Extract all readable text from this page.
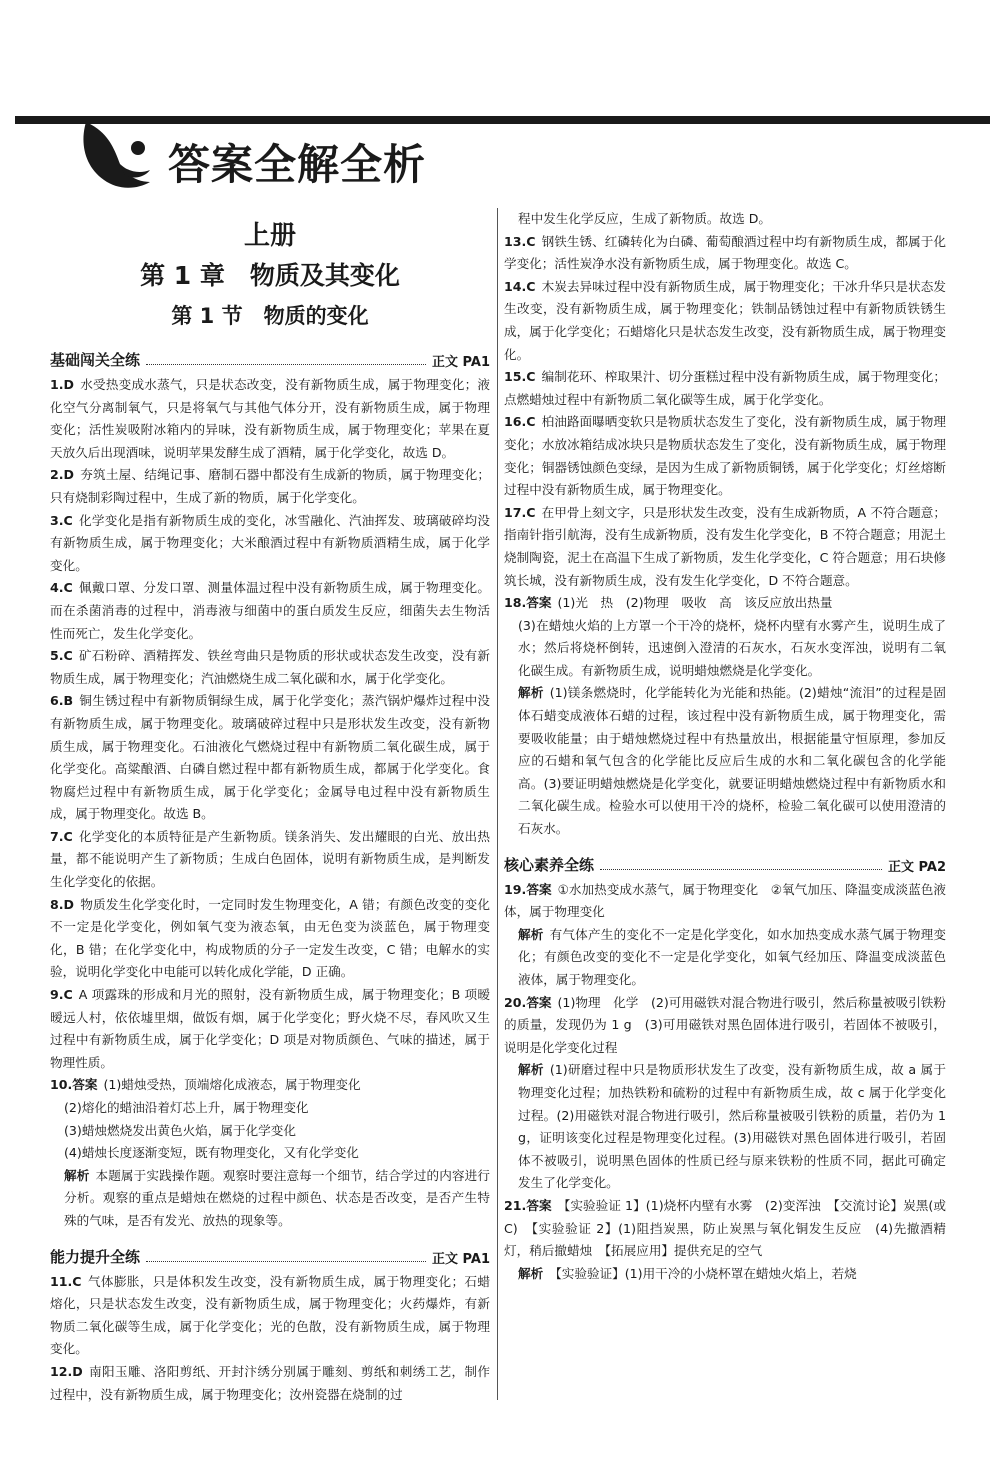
答案全解全析
上册
第 1 章　物质及其变化
第 1 节　物质的变化
基础闯关全练	正文 PA1

1.D 水受热变成水蒸气，只是状态改变，没有新物质生成，属于物理变化；液化空气分离制氧气，只是将氧气与其他气体分开，没有新物质生成，属于物理变化；活性炭吸附冰箱内的异味，没有新物质生成，属于物理变化；苹果在夏天放久后出现酒味，说明苹果发酵生成了酒精，属于化学变化，故选 D。

2.D 夯筑土屋、结绳记事、磨制石器中都没有生成新的物质，属于物理变化；只有烧制彩陶过程中，生成了新的物质，属于化学变化。

3.C 化学变化是指有新物质生成的变化，冰雪融化、汽油挥发、玻璃破碎均没有新物质生成，属于物理变化；大米酿酒过程中有新物质酒精生成，属于化学变化。

4.C 佩戴口罩、分发口罩、测量体温过程中没有新物质生成，属于物理变化。而在杀菌消毒的过程中，消毒液与细菌中的蛋白质发生反应，细菌失去生物活性而死亡，发生化学变化。

5.C 矿石粉碎、酒精挥发、铁丝弯曲只是物质的形状或状态发生改变，没有新物质生成，属于物理变化；汽油燃烧生成二氧化碳和水，属于化学变化。

6.B 铜生锈过程中有新物质铜绿生成，属于化学变化；蒸汽锅炉爆炸过程中没有新物质生成，属于物理变化。玻璃破碎过程中只是形状发生改变，没有新物质生成，属于物理变化。石油液化气燃烧过程中有新物质二氧化碳生成，属于化学变化。高粱酿酒、白磷自燃过程中都有新物质生成，都属于化学变化。食物腐烂过程中有新物质生成，属于化学变化；金属导电过程中没有新物质生成，属于物理变化。故选 B。

7.C 化学变化的本质特征是产生新物质。镁条消失、发出耀眼的白光、放出热量，都不能说明产生了新物质；生成白色固体，说明有新物质生成，是判断发生化学变化的依据。

8.D 物质发生化学变化时，一定同时发生物理变化，A 错；有颜色改变的变化不一定是化学变化，例如氧气变为液态氧，由无色变为淡蓝色，属于物理变化，B 错；在化学变化中，构成物质的分子一定发生改变，C 错；电解水的实验，说明化学变化中电能可以转化成化学能，D 正确。

9.C A 项露珠的形成和月光的照射，没有新物质生成，属于物理变化；B 项暧暧远人村，依依墟里烟，做饭有烟，属于化学变化；野火烧不尽，春风吹又生过程中有新物质生成，属于化学变化；D 项是对物质颜色、气味的描述，属于物理性质。

10.答案 (1)蜡烛受热，顶端熔化成液态，属于物理变化

(2)熔化的蜡油沿着灯芯上升，属于物理变化

(3)蜡烛燃烧发出黄色火焰，属于化学变化

(4)蜡烛长度逐渐变短，既有物理变化，又有化学变化

解析 本题属于实践操作题。观察时要注意每一个细节，结合学过的内容进行分析。观察的重点是蜡烛在燃烧的过程中颜色、状态是否改变，是否产生特殊的气味，是否有发光、放热的现象等。

能力提升全练	正文 PA1

11.C 气体膨胀，只是体积发生改变，没有新物质生成，属于物理变化；石蜡熔化，只是状态发生改变，没有新物质生成，属于物理变化；火药爆炸，有新物质二氧化碳等生成，属于化学变化；光的色散，没有新物质生成，属于物理变化。

12.D 南阳玉雕、洛阳剪纸、开封汴绣分别属于雕刻、剪纸和刺绣工艺，制作过程中，没有新物质生成，属于物理变化；汝州瓷器在烧制的过

程中发生化学反应，生成了新物质。故选 D。

13.C 钢铁生锈、红磷转化为白磷、葡萄酿酒过程中均有新物质生成，都属于化学变化；活性炭净水没有新物质生成，属于物理变化。故选 C。

14.C 木炭去异味过程中没有新物质生成，属于物理变化；干冰升华只是状态发生改变，没有新物质生成，属于物理变化；铁制品锈蚀过程中有新物质铁锈生成，属于化学变化；石蜡熔化只是状态发生改变，没有新物质生成，属于物理变化。

15.C 编制花环、榨取果汁、切分蛋糕过程中没有新物质生成，属于物理变化；点燃蜡烛过程中有新物质二氧化碳等生成，属于化学变化。

16.C 柏油路面曝晒变软只是物质状态发生了变化，没有新物质生成，属于物理变化；水放冰箱结成冰块只是物质状态发生了变化，没有新物质生成，属于物理变化；铜器锈蚀颜色变绿，是因为生成了新物质铜锈，属于化学变化；灯丝熔断过程中没有新物质生成，属于物理变化。

17.C 在甲骨上刻文字，只是形状发生改变，没有生成新物质，A 不符合题意；指南针指引航海，没有生成新物质，没有发生化学变化，B 不符合题意；用泥土烧制陶瓷，泥土在高温下生成了新物质，发生化学变化，C 符合题意；用石块修筑长城，没有新物质生成，没有发生化学变化，D 不符合题意。

18.答案 (1)光　热　(2)物理　吸收　高　该反应放出热量

(3)在蜡烛火焰的上方罩一个干冷的烧杯，烧杯内壁有水雾产生，说明生成了水；然后将烧杯倒转，迅速倒入澄清的石灰水，石灰水变浑浊，说明有二氧化碳生成。有新物质生成，说明蜡烛燃烧是化学变化。

解析 (1)镁条燃烧时，化学能转化为光能和热能。(2)蜡烛“流泪”的过程是固体石蜡变成液体石蜡的过程，该过程中没有新物质生成，属于物理变化，需要吸收能量；由于蜡烛燃烧过程中有热量放出，根据能量守恒原理，参加反应的石蜡和氧气包含的化学能比反应后生成的水和二氧化碳包含的化学能高。(3)要证明蜡烛燃烧是化学变化，就要证明蜡烛燃烧过程中有新物质水和二氧化碳生成。检验水可以使用干冷的烧杯，检验二氧化碳可以使用澄清的石灰水。

核心素养全练	正文 PA2

19.答案 ①水加热变成水蒸气，属于物理变化　②氧气加压、降温变成淡蓝色液体，属于物理变化

解析 有气体产生的变化不一定是化学变化，如水加热变成水蒸气属于物理变化；有颜色改变的变化不一定是化学变化，如氧气经加压、降温变成淡蓝色液体，属于物理变化。

20.答案 (1)物理　化学　(2)可用磁铁对混合物进行吸引，然后称量被吸引铁粉的质量，发现仍为 1 g　(3)可用磁铁对黑色固体进行吸引，若固体不被吸引，说明是化学变化过程

解析 (1)研磨过程中只是物质形状发生了改变，没有新物质生成，故 a 属于物理变化过程；加热铁粉和硫粉的过程中有新物质生成，故 c 属于化学变化过程。(2)用磁铁对混合物进行吸引，然后称量被吸引铁粉的质量，若仍为 1 g，证明该变化过程是物理变化过程。(3)用磁铁对黑色固体进行吸引，若固体不被吸引，说明黑色固体的性质已经与原来铁粉的性质不同，据此可确定发生了化学变化。

21.答案 【实验验证 1】(1)烧杯内壁有水雾　(2)变浑浊　【交流讨论】炭黑(或 C)　【实验验证 2】(1)阻挡炭黑，防止炭黑与氧化铜发生反应　(4)先撤酒精灯，稍后撤蜡烛　【拓展应用】提供充足的空气

解析 【实验验证】(1)用干冷的小烧杯罩在蜡烛火焰上，若烧
